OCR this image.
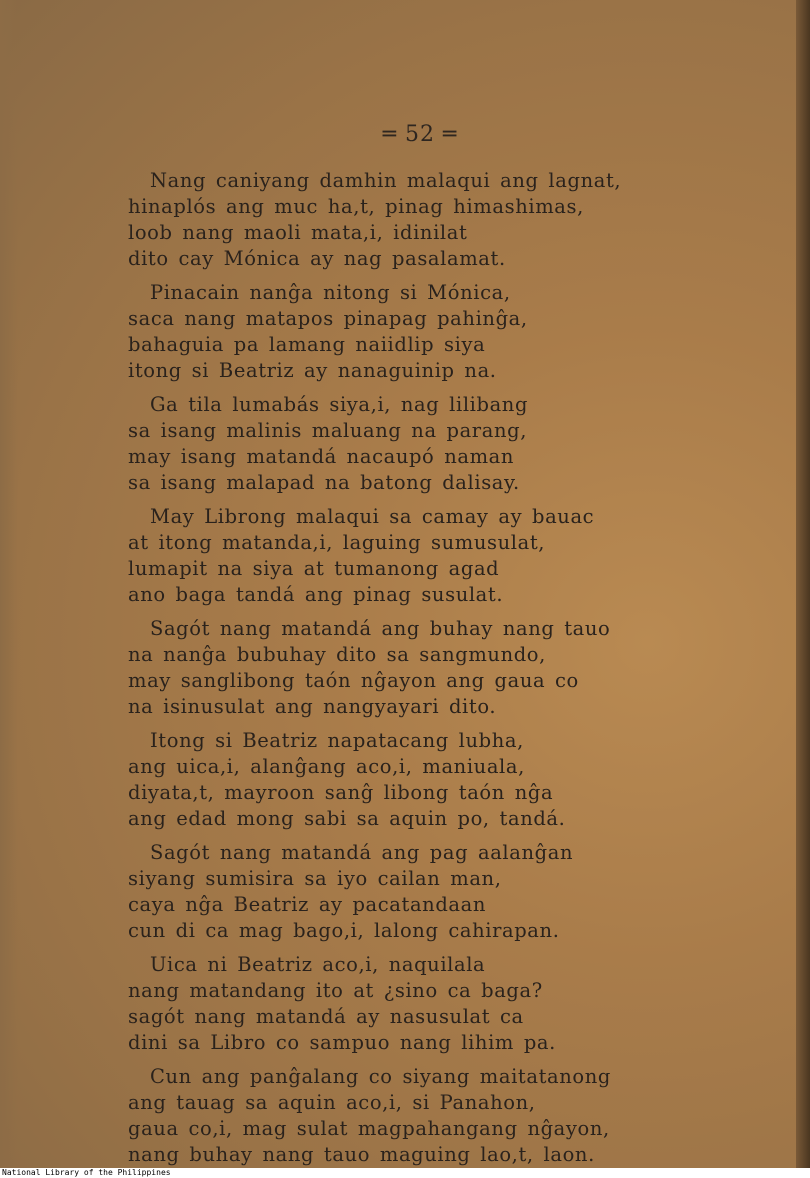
═ 52 ═
Nang caniyang damhin malaqui ang lagnat,
hinaplós ang muc ha,t, pinag himashimas,
loob nang maoli mata,i, idinilat
dito cay Mónica ay nag pasalamat.
Pinacain nanĝa nitong si Mónica,
saca nang matapos pinapag pahinĝa,
bahaguia pa lamang naiidlip siya
itong si Beatriz ay nanaguinip na.
Ga tila lumabás siya,i, nag lilibang
sa isang malinis maluang na parang,
may isang matandá nacaupó naman
sa isang malapad na batong dalisay.
May Librong malaqui sa camay ay bauac
at itong matanda,i, laguing sumusulat,
lumapit na siya at tumanong agad
ano baga tandá ang pinag susulat.
Sagót nang matandá ang buhay nang tauo
na nanĝa bubuhay dito sa sangmundo,
may sanglibong taón nĝayon ang gaua co
na isinusulat ang nangyayari dito.
Itong si Beatriz napatacang lubha,
ang uica,i, alanĝang aco,i, maniuala,
diyata,t, mayroon sanĝ libong taón nĝa
ang edad mong sabi sa aquin po, tandá.
Sagót nang matandá ang pag aalanĝan
siyang sumisira sa iyo cailan man,
caya nĝa Beatriz ay pacatandaan
cun di ca mag bago,i, lalong cahirapan.
Uica ni Beatriz aco,i, naquilala
nang matandang ito at ¿sino ca baga?
sagót nang matandá ay nasusulat ca
dini sa Libro co sampuo nang lihim pa.
Cun ang panĝalang co siyang maitatanong
ang tauag sa aquin aco,i, si Panahon,
gaua co,i, mag sulat magpahangang nĝayon,
nang buhay nang tauo maguing lao,t, laon.
National Library of the Philippines
